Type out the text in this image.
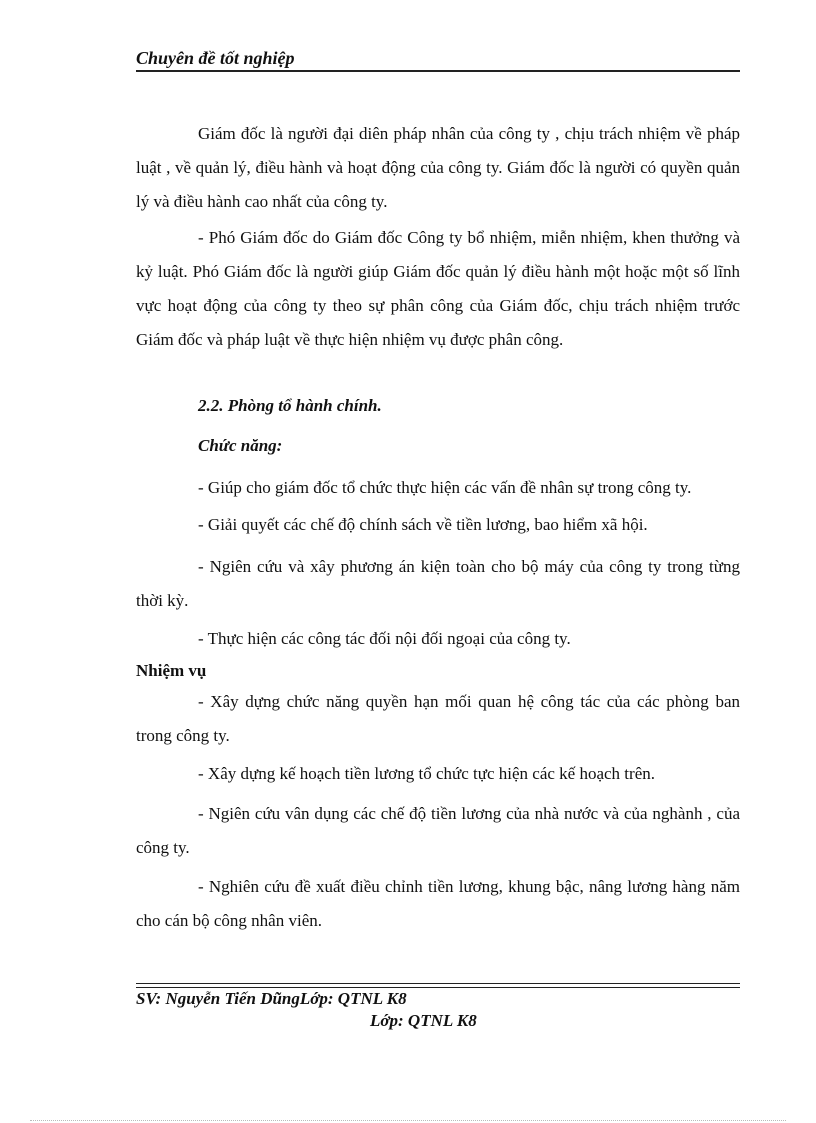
Chuyên đề tốt nghiệp

Giám đốc là người đại diên pháp nhân của công ty , chịu trách nhiệm về pháp luật , về quản lý, điều hành và hoạt động của công ty. Giám đốc là người có quyền quản lý và điều hành cao nhất của công ty.

- Phó Giám đốc do Giám đốc Công ty bổ nhiệm, miễn nhiệm, khen thưởng và kỷ luật. Phó Giám đốc là người giúp Giám đốc quản lý điều hành một hoặc một số lĩnh vực hoạt động của công ty theo sự phân công của Giám đốc, chịu trách nhiệm trước Giám đốc và pháp luật về thực hiện nhiệm vụ được phân công.

2.2. Phòng tổ hành chính.

Chức năng:

- Giúp cho giám đốc tổ chức thực hiện các vấn đề nhân sự trong công ty.

- Giải quyết các chế độ chính sách về tiền lương, bao hiểm xã hội.

- Ngiên cứu và xây phương án kiện toàn cho bộ máy của công ty trong từng thời kỳ.

- Thực hiện các công tác đối nội đối ngoại của công ty.

Nhiệm vụ

- Xây dựng chức năng quyền hạn mối quan hệ công tác của các phòng ban trong công ty.

- Xây dựng kế hoạch tiền lương tổ chức tực hiện các kế hoạch trên.

- Ngiên cứu vân dụng các chế độ tiền lương của nhà nước và của nghành , của công ty.

- Nghiên cứu đề xuất điều chỉnh tiền lương, khung bậc, nâng lương hàng năm cho cán bộ công nhân viên.

SV: Nguyễn Tiến DũngLớp: QTNL K8
Lớp: QTNL K8
